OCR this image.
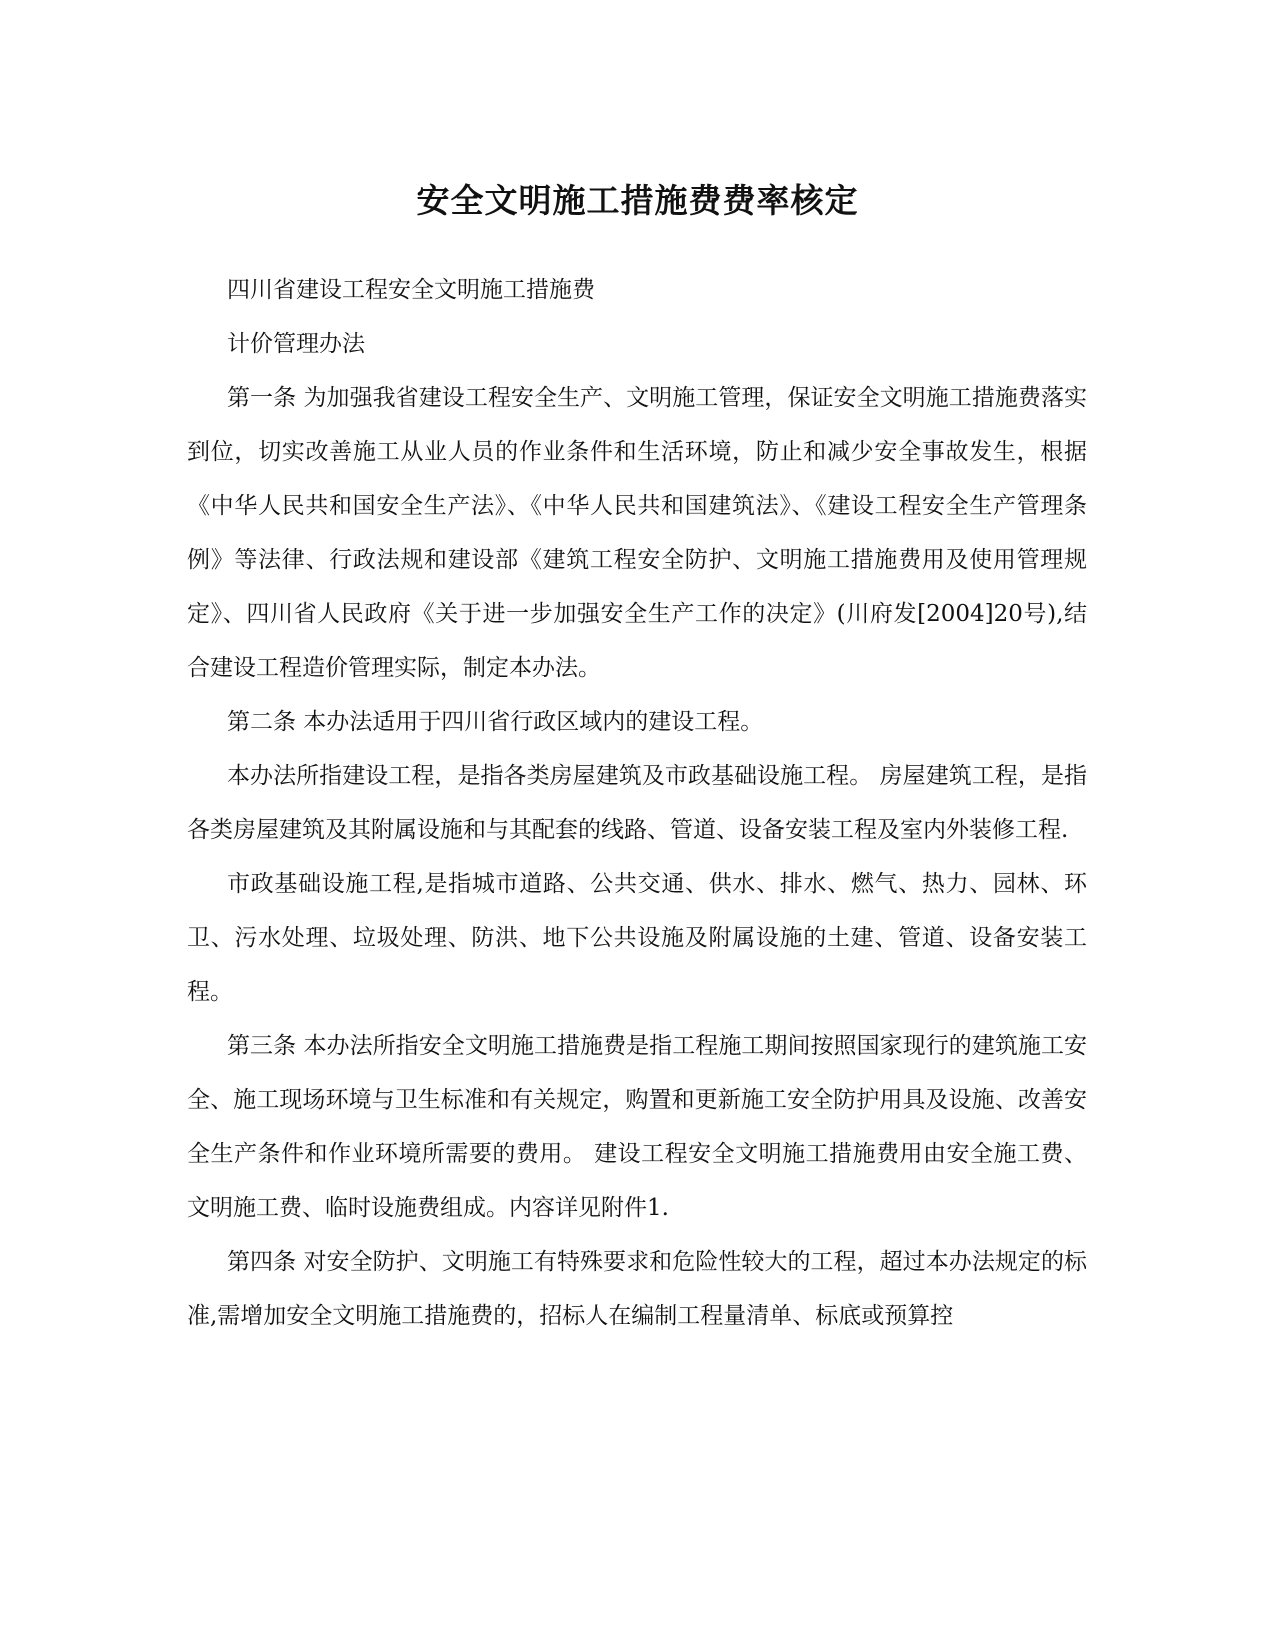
安全文明施工措施费费率核定

四川省建设工程安全文明施工措施费

计价管理办法

第一条 为加强我省建设工程安全生产、文明施工管理，保证安全文明施工措施费落实到位，切实改善施工从业人员的作业条件和生活环境，防止和减少安全事故发生，根据《中华人民共和国安全生产法》、《中华人民共和国建筑法》、《建设工程安全生产管理条例》等法律、行政法规和建设部《建筑工程安全防护、文明施工措施费用及使用管理规定》、四川省人民政府《关于进一步加强安全生产工作的决定》(川府发[2004]20号),结合建设工程造价管理实际，制定本办法。

第二条 本办法适用于四川省行政区域内的建设工程。

本办法所指建设工程，是指各类房屋建筑及市政基础设施工程。 房屋建筑工程，是指各类房屋建筑及其附属设施和与其配套的线路、管道、设备安装工程及室内外装修工程.

市政基础设施工程,是指城市道路、公共交通、供水、排水、燃气、热力、园林、环卫、污水处理、垃圾处理、防洪、地下公共设施及附属设施的土建、管道、设备安装工程。

第三条 本办法所指安全文明施工措施费是指工程施工期间按照国家现行的建筑施工安全、施工现场环境与卫生标准和有关规定，购置和更新施工安全防护用具及设施、改善安全生产条件和作业环境所需要的费用。 建设工程安全文明施工措施费用由安全施工费、文明施工费、临时设施费组成。内容详见附件1.

第四条 对安全防护、文明施工有特殊要求和危险性较大的工程，超过本办法规定的标准,需增加安全文明施工措施费的，招标人在编制工程量清单、标底或预算控
